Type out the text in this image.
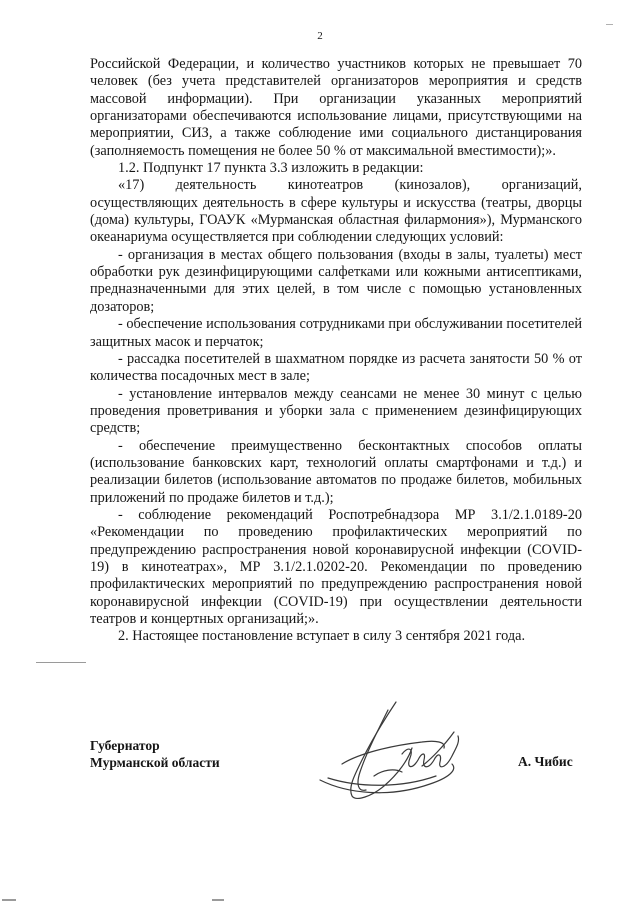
2

Российской Федерации, и количество участников которых не превышает 70 человек (без учета представителей организаторов мероприятия и средств массовой информации). При организации указанных мероприятий организаторами обеспечиваются использование лицами, присутствующими на мероприятии, СИЗ, а также соблюдение ими социального дистанцирования (заполняемость помещения не более 50 % от максимальной вместимости);».

1.2. Подпункт 17 пункта 3.3 изложить в редакции:

«17) деятельность кинотеатров (кинозалов), организаций, осуществляющих деятельность в сфере культуры и искусства (театры, дворцы (дома) культуры, ГОАУК «Мурманская областная филармония»), Мурманского океанариума осуществляется при соблюдении следующих условий:

- организация в местах общего пользования (входы в залы, туалеты) мест обработки рук дезинфицирующими салфетками или кожными антисептиками, предназначенными для этих целей, в том числе с помощью установленных дозаторов;

- обеспечение использования сотрудниками при обслуживании посетителей защитных масок и перчаток;

- рассадка посетителей в шахматном порядке из расчета занятости 50 % от количества посадочных мест в зале;

- установление интервалов между сеансами не менее 30 минут с целью проведения проветривания и уборки зала с применением дезинфицирующих средств;

- обеспечение преимущественно бесконтактных способов оплаты (использование банковских карт, технологий оплаты смартфонами и т.д.) и реализации билетов (использование автоматов по продаже билетов, мобильных приложений по продаже билетов и т.д.);

- соблюдение рекомендаций Роспотребнадзора МР 3.1/2.1.0189-20 «Рекомендации по проведению профилактических мероприятий по предупреждению распространения новой коронавирусной инфекции (COVID-19) в кинотеатрах», МР 3.1/2.1.0202-20. Рекомендации по проведению профилактических мероприятий по предупреждению распространения новой коронавирусной инфекции (COVID-19) при осуществлении деятельности театров и концертных организаций;».

2. Настоящее постановление вступает в силу 3 сентября 2021 года.

Губернатор
Мурманской области	А. Чибис
